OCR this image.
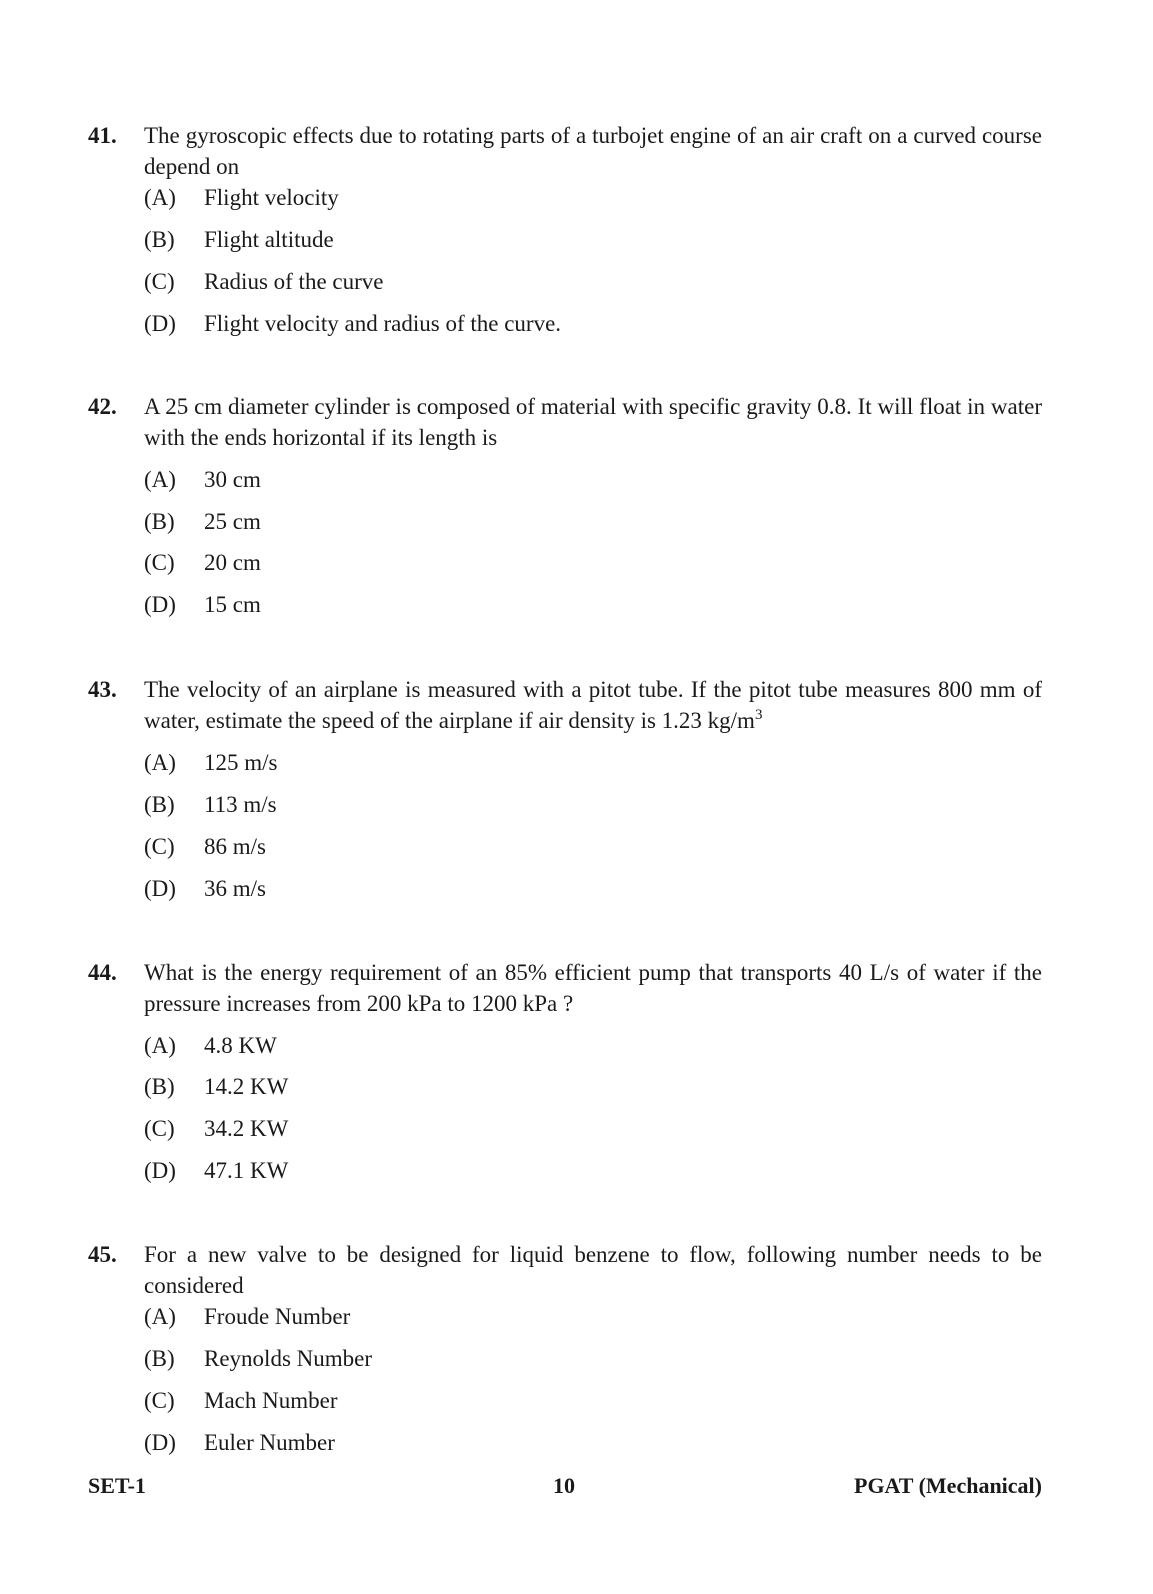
41. The gyroscopic effects due to rotating parts of a turbojet engine of an air craft on a curved course depend on
(A) Flight velocity
(B) Flight altitude
(C) Radius of the curve
(D) Flight velocity and radius of the curve.
42. A 25 cm diameter cylinder is composed of material with specific gravity 0.8. It will float in water with the ends horizontal if its length is
(A) 30 cm
(B) 25 cm
(C) 20 cm
(D) 15 cm
43. The velocity of an airplane is measured with a pitot tube. If the pitot tube measures 800 mm of water, estimate the speed of the airplane if air density is 1.23 $kg/m^3$
(A) 125 m/s
(B) 113 m/s
(C) 86 m/s
(D) 36 m/s
44. What is the energy requirement of an 85% efficient pump that transports 40 L/s of water if the pressure increases from 200 kPa to 1200 kPa ?
(A) 4.8 KW
(B) 14.2 KW
(C) 34.2 KW
(D) 47.1 KW
45. For a new valve to be designed for liquid benzene to flow, following number needs to be considered
(A) Froude Number
(B) Reynolds Number
(C) Mach Number
(D) Euler Number
SET-1	10	PGAT (Mechanical)
